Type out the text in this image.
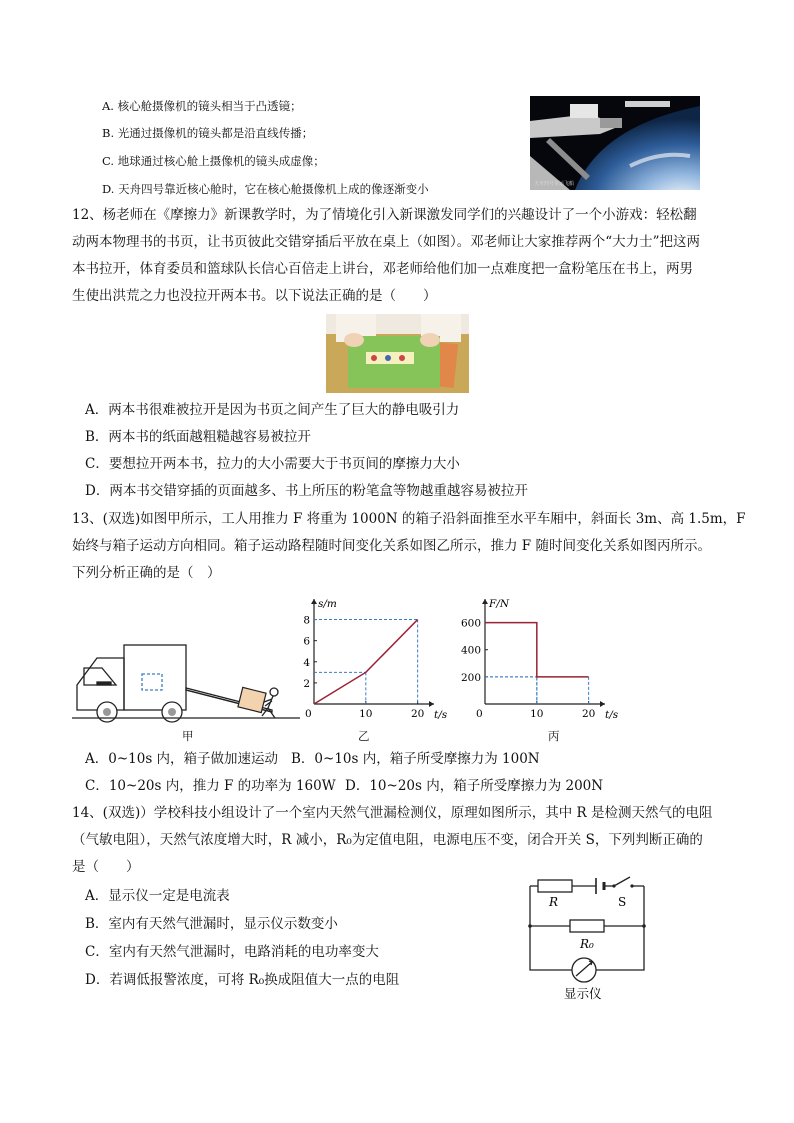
A. 核心舱摄像机的镜头相当于凸透镜；
B. 光通过摄像机的镜头都是沿直线传播；
C. 地球通过核心舱上摄像机的镜头成虚像；
D. 天舟四号靠近核心舱时，它在核心舱摄像机上成的像逐渐变小	天舟四号货运飞船
12、杨老师在《摩擦力》新课教学时，为了情境化引入新课激发同学们的兴趣设计了一个小游戏：轻松翻
动两本物理书的书页，让书页彼此交错穿插后平放在桌上（如图）。邓老师让大家推荐两个“大力士”把这两
本书拉开，体育委员和篮球队长信心百倍走上讲台，邓老师给他们加一点难度把一盒粉笔压在书上，两男
生使出洪荒之力也没拉开两本书。以下说法正确的是（　　）
A．两本书很难被拉开是因为书页之间产生了巨大的静电吸引力
B．两本书的纸面越粗糙越容易被拉开
C．要想拉开两本书，拉力的大小需要大于书页间的摩擦力大小
D．两本书交错穿插的页面越多、书上所压的粉笔盒等物越重越容易被拉开
13、(双选)如图甲所示，工人用推力 F 将重为 1000N 的箱子沿斜面推至水平车厢中，斜面长 3m、高 1.5m，F
始终与箱子运动方向相同。箱子运动路程随时间变化关系如图乙所示，推力 F 随时间变化关系如图丙所示。
下列分析正确的是（　）
甲
0	10	20
2
4
6
8
t/s
s/m
乙
0	10	20
200
400
600
t/s
F/N
丙
A．0~10s 内，箱子做加速运动 B．0~10s 内，箱子所受摩擦力为 100N
C．10~20s 内，推力 F 的功率为 160W D．10~20s 内，箱子所受摩擦力为 200N
14、(双选)）学校科技小组设计了一个室内天然气泄漏检测仪，原理如图所示，其中 R 是检测天然气的电阻
（气敏电阻），天然气浓度增大时，R 减小，R₀为定值电阻，电源电压不变，闭合开关 S，下列判断正确的
是（　　）
A．显示仪一定是电流表
B．室内有天然气泄漏时，显示仪示数变小
C．室内有天然气泄漏时，电路消耗的电功率变大
D．若调低报警浓度，可将 R₀换成阻值大一点的电阻
R	S
R₀
显示仪
